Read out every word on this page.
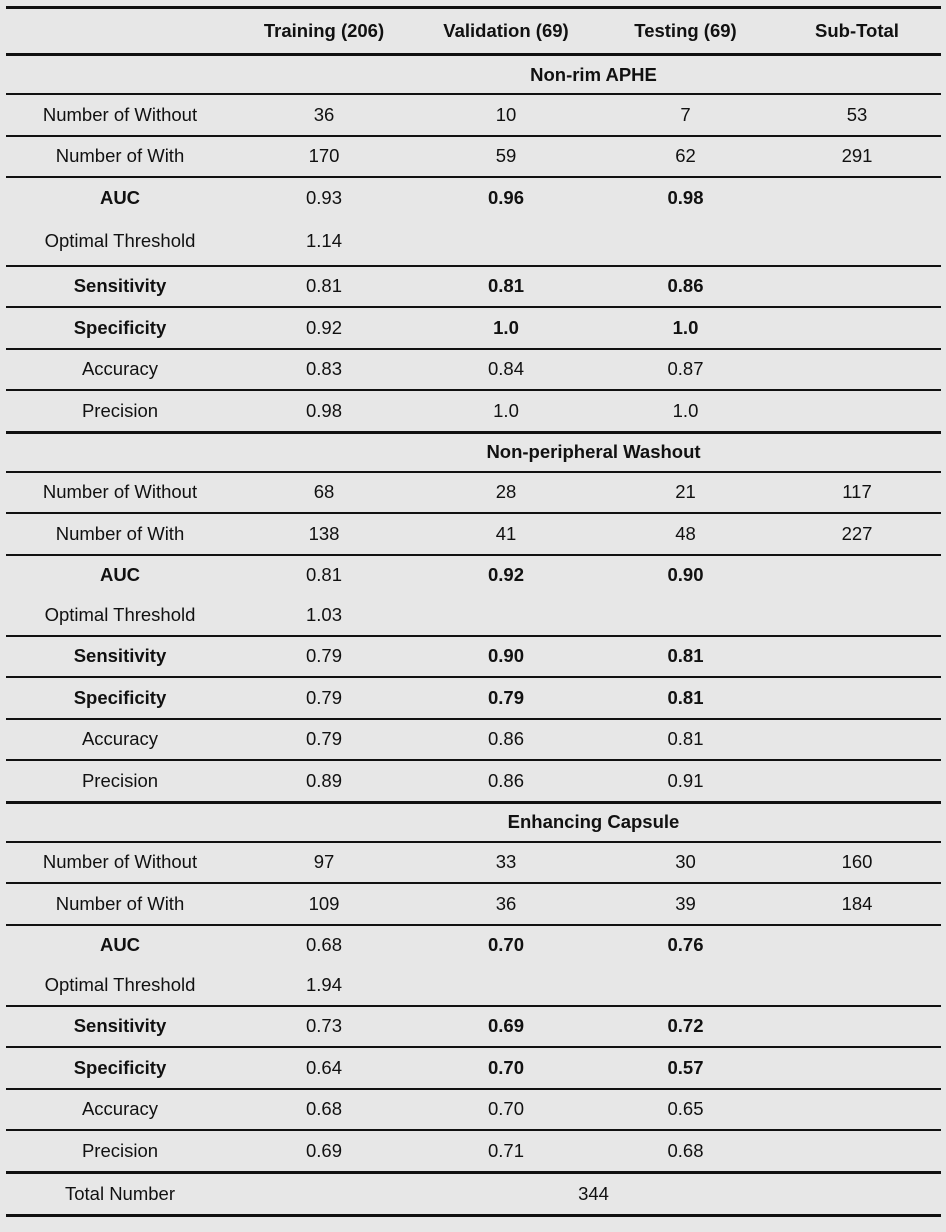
	Training (206)	Validation (69)	Testing (69)	Sub-Total
		Non-rim APHE		
Number of Without	36	10	7	53
Number of With	170	59	62	291
AUC	0.93	0.96	0.98	
Optimal Threshold	1.14			
Sensitivity	0.81	0.81	0.86	
Specificity	0.92	1.0	1.0	
Accuracy	0.83	0.84	0.87	
Precision	0.98	1.0	1.0	
		Non-peripheral Washout		
Number of Without	68	28	21	117
Number of With	138	41	48	227
AUC	0.81	0.92	0.90	
Optimal Threshold	1.03			
Sensitivity	0.79	0.90	0.81	
Specificity	0.79	0.79	0.81	
Accuracy	0.79	0.86	0.81	
Precision	0.89	0.86	0.91	
		Enhancing Capsule		
Number of Without	97	33	30	160
Number of With	109	36	39	184
AUC	0.68	0.70	0.76	
Optimal Threshold	1.94			
Sensitivity	0.73	0.69	0.72	
Specificity	0.64	0.70	0.57	
Accuracy	0.68	0.70	0.65	
Precision	0.69	0.71	0.68	
Total Number		344		
